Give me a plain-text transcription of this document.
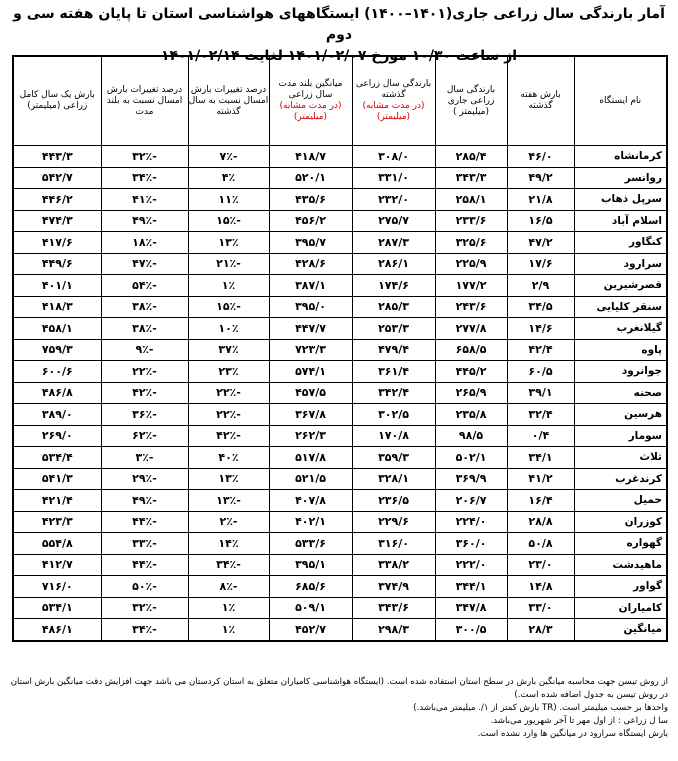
آمار بارندگی سال زراعی جاری(۱۴۰۱–۱۴۰۰) ایستگاههای هواشناسی استان تا پایان هفته سی و دوم
از ساعت ۱۰/۳۰ مورخ ۱۴۰۱/۰۲/۰۷ لغایت ۱۴۰۱/۰۲/۱۴
نام ایستگاه	بارش هفته گذشته	بارندگی سال زراعی جاری (میلیمتر )	بارندگی سال زراعی گذشته
(در مدت مشابه) (میلیمتر)	میانگین بلند مدت سال زراعی
(در مدت مشابه) (میلیمتر)	درصد تغییرات بارش امسال نسبت به سال گذشته	درصد تغییرات بارش امسال نسبت به بلند مدت	بارش یک سال کامل زراعی (میلیمتر)
کرمانشاه	۴۶/۰	۲۸۵/۴	۳۰۸/۰	۴۱۸/۷	-۷٪	-۳۲٪	۴۴۳/۳
روانسر	۴۹/۲	۳۴۳/۳	۳۳۱/۰	۵۲۰/۱	۴٪	-۳۴٪	۵۴۲/۷
سرپل ذهاب	۲۱/۸	۲۵۸/۱	۲۳۲/۰	۴۳۵/۶	۱۱٪	-۴۱٪	۴۴۶/۲
اسلام آباد	۱۶/۵	۲۳۳/۶	۲۷۵/۷	۴۵۶/۲	-۱۵٪	-۴۹٪	۴۷۴/۳
کنگاور	۴۷/۲	۳۲۵/۶	۲۸۷/۳	۳۹۵/۷	۱۳٪	-۱۸٪	۴۱۷/۶
سرارود	۱۷/۶	۲۲۵/۹	۲۸۶/۱	۴۲۸/۶	-۲۱٪	-۴۷٪	۴۴۹/۶
قصرشیرین	۲/۹	۱۷۷/۲	۱۷۴/۶	۳۸۷/۱	۱٪	-۵۴٪	۴۰۱/۱
سنقر کلیایی	۳۴/۵	۲۴۳/۶	۲۸۵/۳	۳۹۵/۰	-۱۵٪	-۳۸٪	۴۱۸/۳
گیلانغرب	۱۴/۶	۲۷۷/۸	۲۵۳/۳	۴۴۷/۷	۱۰٪	-۳۸٪	۴۵۸/۱
پاوه	۴۲/۴	۶۵۸/۵	۴۷۹/۴	۷۲۳/۳	۳۷٪	-۹٪	۷۵۹/۳
جوانرود	۶۰/۵	۴۴۵/۲	۳۶۱/۴	۵۷۴/۱	۲۳٪	-۲۲٪	۶۰۰/۶
صحنه	۳۹/۱	۲۶۵/۹	۳۴۲/۴	۴۵۷/۵	-۲۲٪	-۴۲٪	۴۸۶/۸
هرسین	۳۲/۴	۲۳۵/۸	۳۰۲/۵	۳۶۷/۸	-۲۲٪	-۳۶٪	۳۸۹/۰
سومار	۰/۴	۹۸/۵	۱۷۰/۸	۲۶۲/۳	-۴۲٪	-۶۲٪	۲۶۹/۰
ثلاث	۳۴/۱	۵۰۲/۱	۳۵۹/۳	۵۱۷/۸	۴۰٪	-۳٪	۵۳۴/۴
کرندغرب	۴۱/۲	۳۶۹/۹	۳۲۸/۱	۵۲۱/۵	۱۳٪	-۲۹٪	۵۴۱/۳
حمیل	۱۶/۴	۲۰۶/۷	۲۳۶/۵	۴۰۷/۸	-۱۳٪	-۴۹٪	۴۲۱/۴
کوزران	۲۸/۸	۲۲۴/۰	۲۲۹/۶	۴۰۲/۱	-۲٪	-۴۴٪	۴۲۳/۳
گهواره	۵۰/۸	۳۶۰/۰	۳۱۶/۰	۵۳۳/۶	۱۴٪	-۳۳٪	۵۵۴/۸
ماهیدشت	۲۳/۰	۲۲۲/۰	۳۳۸/۲	۳۹۵/۱	-۳۴٪	-۴۴٪	۴۱۲/۷
گواور	۱۴/۸	۳۴۴/۱	۳۷۴/۹	۶۸۵/۶	-۸٪	-۵۰٪	۷۱۶/۰
کامیاران	۳۳/۰	۳۴۷/۸	۳۴۳/۶	۵۰۹/۱	۱٪	-۳۲٪	۵۳۴/۱
میانگین	۲۸/۳	۳۰۰/۵	۲۹۸/۳	۴۵۲/۷	۱٪	-۳۴٪	۴۸۶/۱
از روش تیسن جهت محاسبه میانگین بارش در سطح استان استفاده شده است. (ایستگاه هواشناسی کامیاران متعلق به استان کردستان می باشد جهت افزایش دقت میانگین بارش استان در روش تیسن به جدول اضافه شده است.)
واحدها بر حسب میلیمتر است. (TR بارش کمتر از ۱/. میلیمتر می‌باشد.)
سا ل زراعی : از اول مهر تا آخر شهریور می‌باشد.
بارش ایستگاه سرارود در میانگین ها وارد نشده است.
